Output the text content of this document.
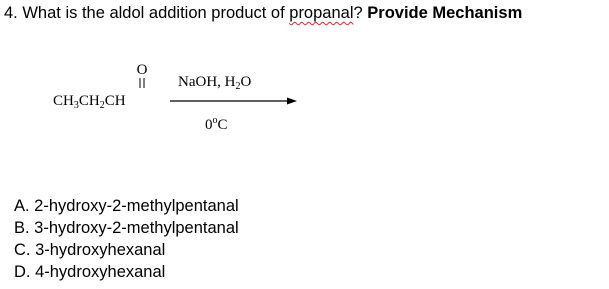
4. What is the aldol addition product of propanal? Provide Mechanism
O
$CH_3CH_2CH$
NaOH, $H_2O$
0$^o$C
A. 2-hydroxy-2-methylpentanal
B. 3-hydroxy-2-methylpentanal
C. 3-hydroxyhexanal
D. 4-hydroxyhexanal
